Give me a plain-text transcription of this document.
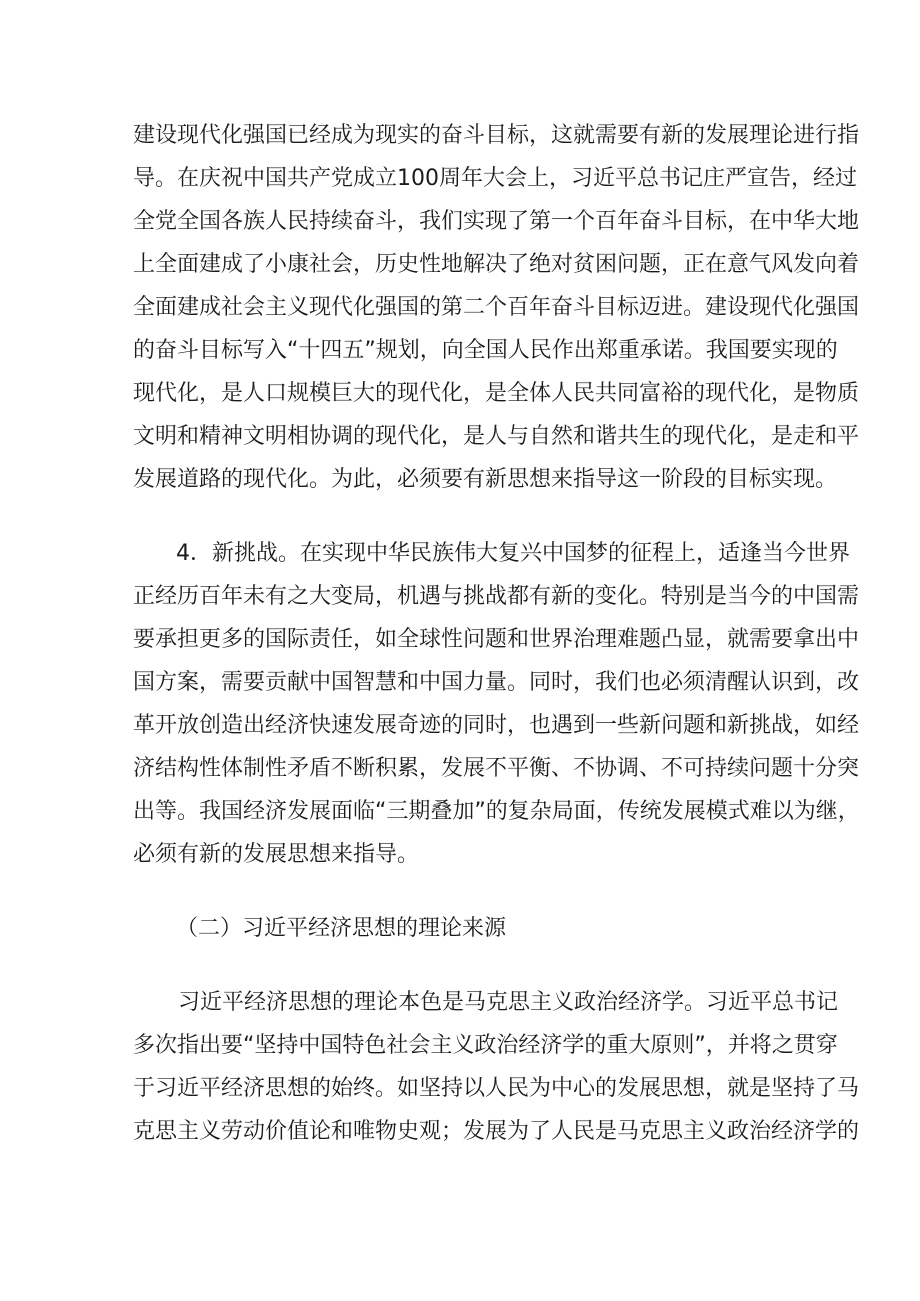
建设现代化强国已经成为现实的奋斗目标，这就需要有新的发展理论进行指
导。在庆祝中国共产党成立100周年大会上，习近平总书记庄严宣告，经过
全党全国各族人民持续奋斗，我们实现了第一个百年奋斗目标，在中华大地
上全面建成了小康社会，历史性地解决了绝对贫困问题，正在意气风发向着
全面建成社会主义现代化强国的第二个百年奋斗目标迈进。建设现代化强国
的奋斗目标写入“十四五”规划，向全国人民作出郑重承诺。我国要实现的
现代化，是人口规模巨大的现代化，是全体人民共同富裕的现代化，是物质
文明和精神文明相协调的现代化，是人与自然和谐共生的现代化，是走和平
发展道路的现代化。为此，必须要有新思想来指导这一阶段的目标实现。
4．新挑战。在实现中华民族伟大复兴中国梦的征程上，适逢当今世界
正经历百年未有之大变局，机遇与挑战都有新的变化。特别是当今的中国需
要承担更多的国际责任，如全球性问题和世界治理难题凸显，就需要拿出中
国方案，需要贡献中国智慧和中国力量。同时，我们也必须清醒认识到，改
革开放创造出经济快速发展奇迹的同时，也遇到一些新问题和新挑战，如经
济结构性体制性矛盾不断积累，发展不平衡、不协调、不可持续问题十分突
出等。我国经济发展面临“三期叠加”的复杂局面，传统发展模式难以为继，
必须有新的发展思想来指导。
（二）习近平经济思想的理论来源
习近平经济思想的理论本色是马克思主义政治经济学。习近平总书记
多次指出要“坚持中国特色社会主义政治经济学的重大原则”，并将之贯穿
于习近平经济思想的始终。如坚持以人民为中心的发展思想，就是坚持了马
克思主义劳动价值论和唯物史观；发展为了人民是马克思主义政治经济学的
